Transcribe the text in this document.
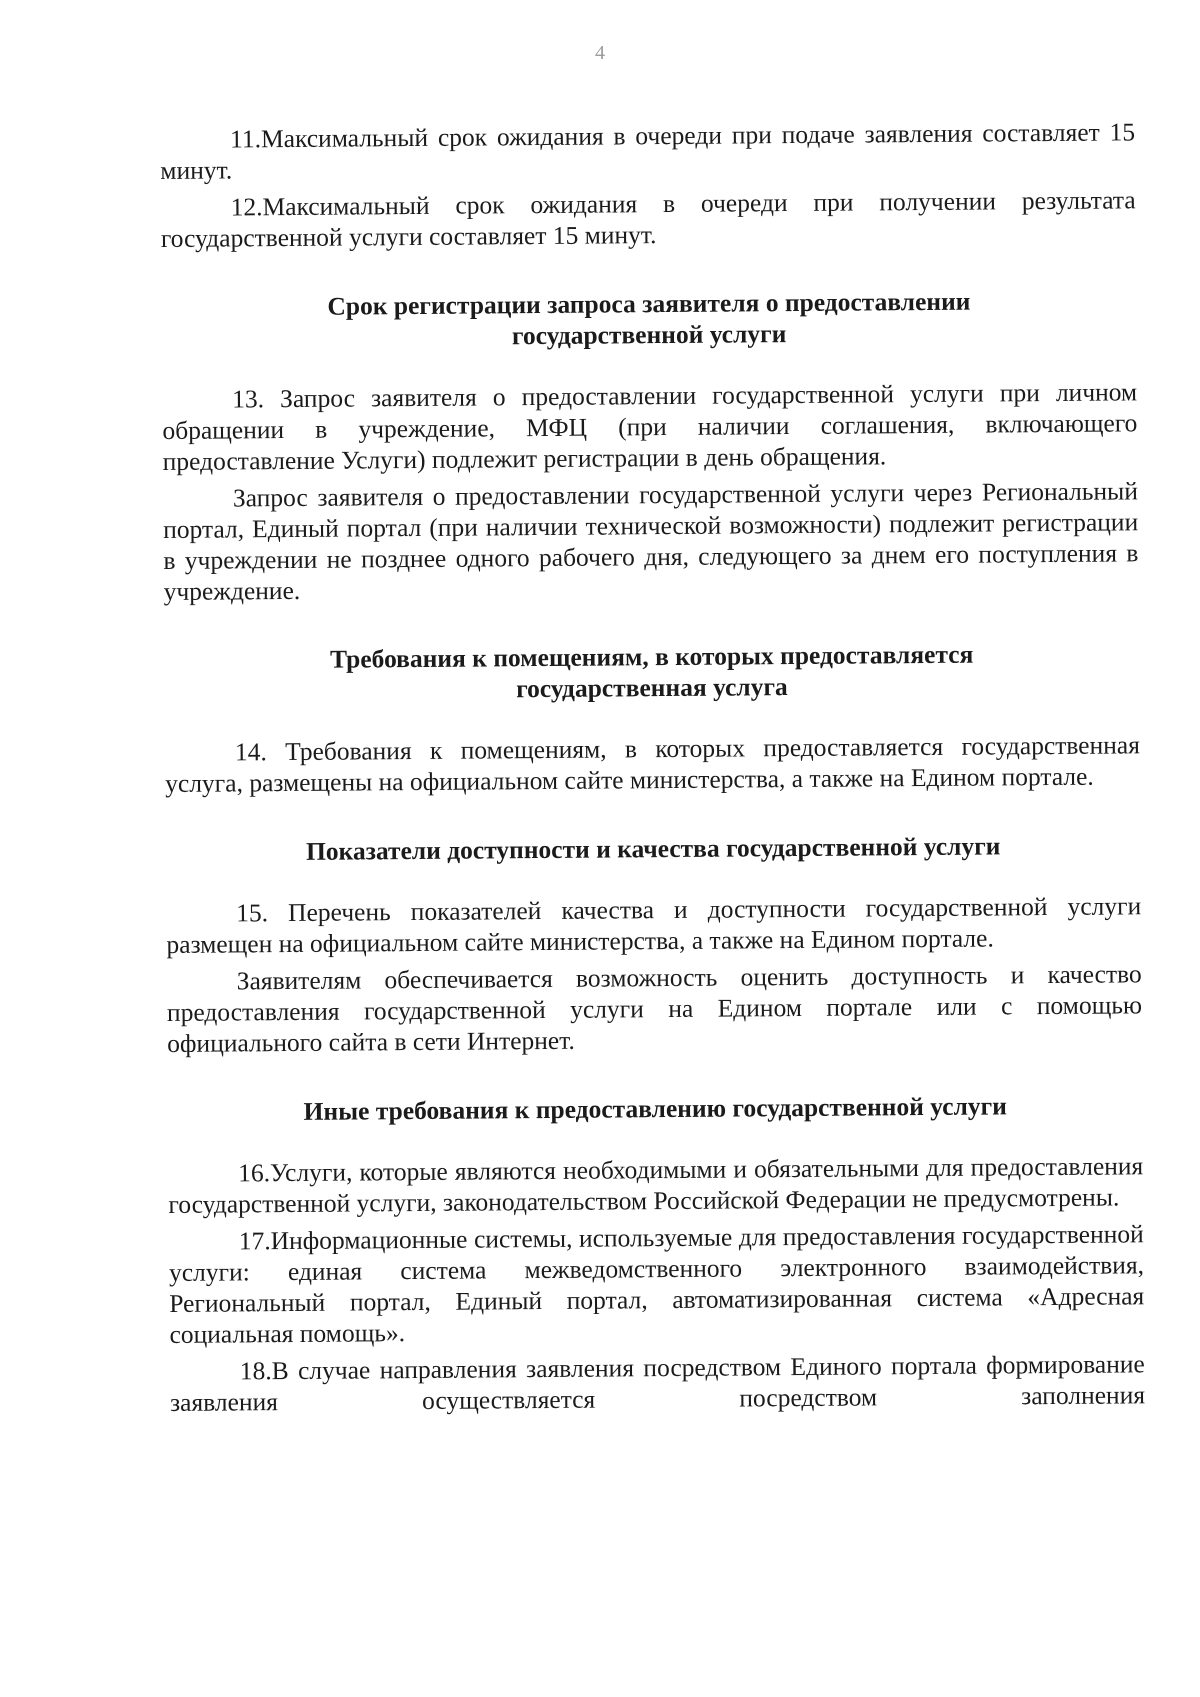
4

11.Максимальный срок ожидания в очереди при подаче заявления составляет 15 минут.

12.Максимальный срок ожидания в очереди при получении результата государственной услуги составляет 15 минут.

Срок регистрации запроса заявителя о предоставлении
государственной услуги

13. Запрос заявителя о предоставлении государственной услуги при личном обращении в учреждение, МФЦ (при наличии соглашения, включающего предоставление Услуги) подлежит регистрации в день обращения.

Запрос заявителя о предоставлении государственной услуги через Региональный портал, Единый портал (при наличии технической возможности) подлежит регистрации в учреждении не позднее одного рабочего дня, следующего за днем его поступления в учреждение.

Требования к помещениям, в которых предоставляется
государственная услуга

14. Требования к помещениям, в которых предоставляется государственная услуга, размещены на официальном сайте министерства, а также на Едином портале.

Показатели доступности и качества государственной услуги

15. Перечень показателей качества и доступности государственной услуги размещен на официальном сайте министерства, а также на Едином портале.

Заявителям обеспечивается возможность оценить доступность и качество предоставления государственной услуги на Едином портале или с помощью официального сайта в сети Интернет.

Иные требования к предоставлению государственной услуги

16.Услуги, которые являются необходимыми и обязательными для предоставления государственной услуги, законодательством Российской Федерации не предусмотрены.

17.Информационные системы, используемые для предоставления государственной услуги: единая система межведомственного электронного взаимодействия, Региональный портал, Единый портал, автоматизированная система «Адресная социальная помощь».

18.В случае направления заявления посредством Единого портала формирование заявления осуществляется посредством заполнения
